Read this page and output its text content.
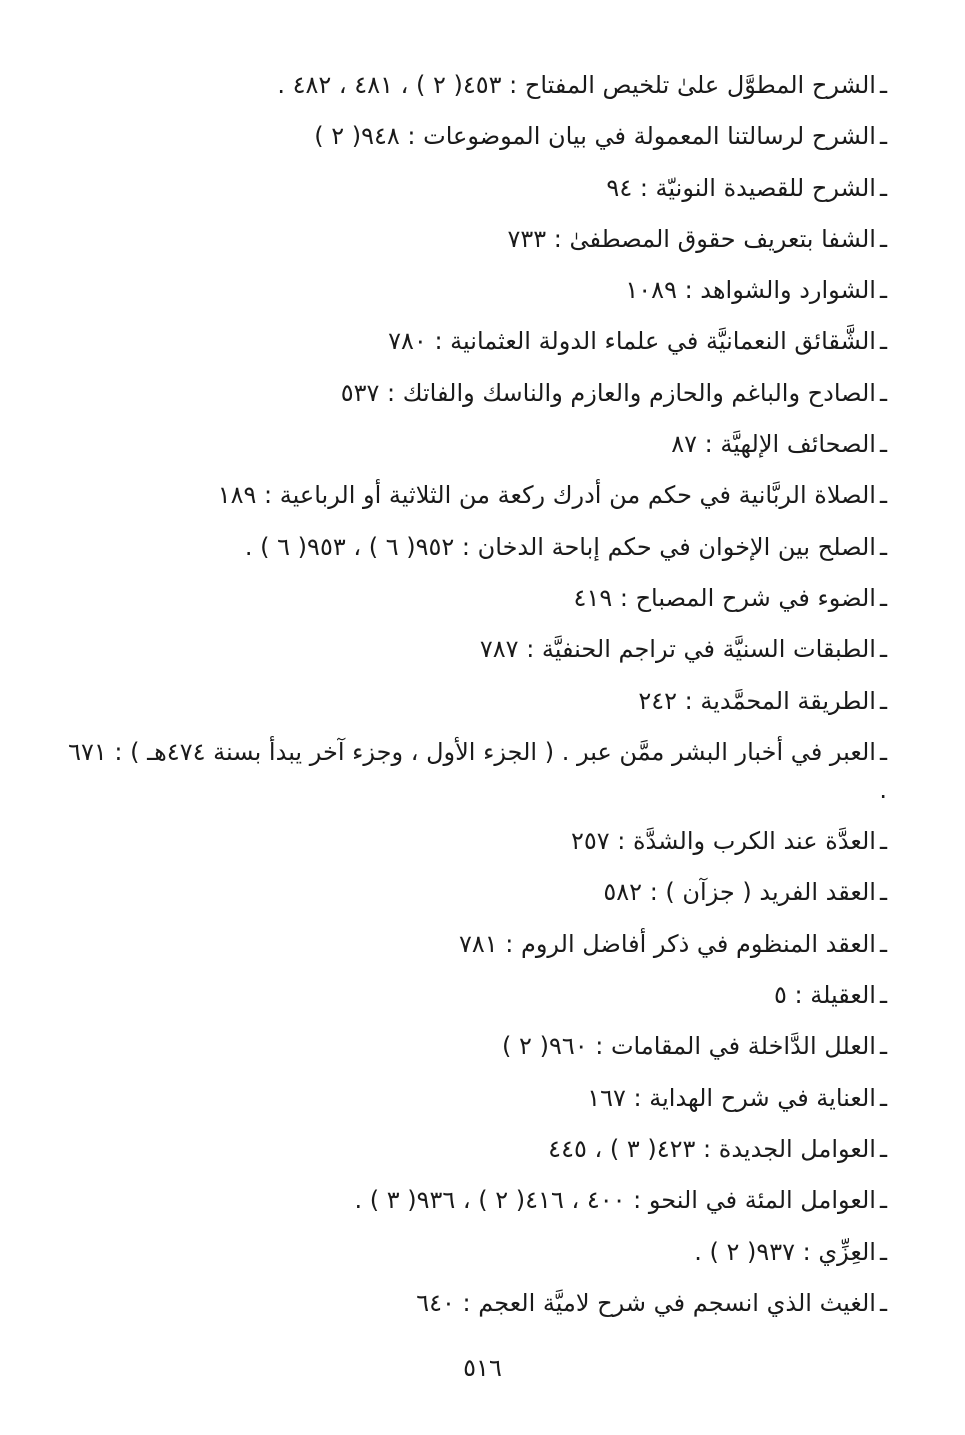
ـالشرح المطوَّل علىٰ تلخيص المفتاح : ٤٥٣( ٢ ) ، ٤٨١ ، ٤٨٢ .
ـالشرح لرسالتنا المعمولة في بيان الموضوعات : ٩٤٨( ٢ )
ـالشرح للقصيدة النونيّة : ٩٤
ـالشفا بتعريف حقوق المصطفىٰ : ٧٣٣
ـالشوارد والشواهد : ١٠٨٩
ـالشَّقائق النعمانيَّة في علماء الدولة العثمانية : ٧٨٠
ـالصادح والباغم والحازم والعازم والناسك والفاتك : ٥٣٧
ـالصحائف الإلهيَّة : ٨٧
ـالصلاة الربَّانية في حكم من أدرك ركعة من الثلاثية أو الرباعية : ١٨٩
ـالصلح بين الإخوان في حكم إباحة الدخان : ٩٥٢( ٦ ) ، ٩٥٣( ٦ ) .
ـالضوء في شرح المصباح : ٤١٩
ـالطبقات السنيَّة في تراجم الحنفيَّة : ٧٨٧
ـالطريقة المحمَّدية : ٢٤٢
ـالعبر في أخبار البشر ممَّن عبر . ( الجزء الأول ، وجزء آخر يبدأ بسنة ٤٧٤هـ ) : ٦٧١ .
ـالعدَّة عند الكرب والشدَّة : ٢٥٧
ـالعقد الفريد ( جزآن ) : ٥٨٢
ـالعقد المنظوم في ذكر أفاضل الروم : ٧٨١
ـالعقيلة : ٥
ـالعلل الدَّاخلة في المقامات : ٩٦٠( ٢ )
ـالعناية في شرح الهداية : ١٦٧
ـالعوامل الجديدة : ٤٢٣( ٣ ) ، ٤٤٥
ـالعوامل المئة في النحو : ٤٠٠ ، ٤١٦( ٢ ) ، ٩٣٦( ٣ ) .
ـالعِزِّي : ٩٣٧( ٢ ) .
ـالغيث الذي انسجم في شرح لاميَّة العجم : ٦٤٠
٥١٦
